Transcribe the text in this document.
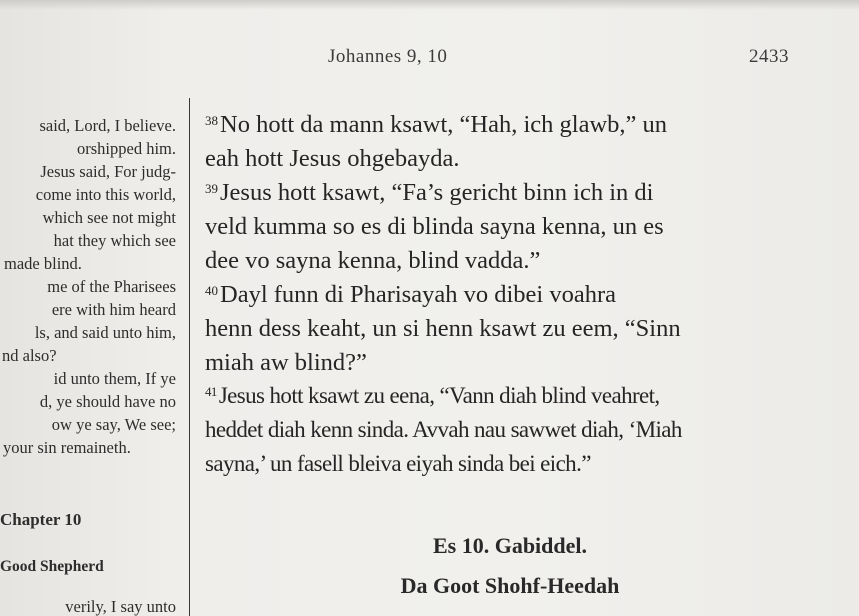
Johannes 9, 10	2433
said, Lord, I believe.
orshipped him.
Jesus said, For judg-
come into this world,
which see not might
hat they which see
made blind.
me of the Pharisees
ere with him heard
ls, and said unto him,
nd also?
id unto them, If ye
d, ye should have no
ow ye say, We see;
your sin remaineth.
Chapter 10
Good Shepherd
verily, I say unto
$^{38}$No hott da mann ksawt, “Hah, ich glawb,” un
eah hott Jesus ohgebayda.
$^{39}$Jesus hott ksawt, “Fa’s gericht binn ich in di
veld kumma so es di blinda sayna kenna, un es
dee vo sayna kenna, blind vadda.”
$^{40}$Dayl funn di Pharisayah vo dibei voahra
henn dess keaht, un si henn ksawt zu eem, “Sinn
miah aw blind?”
$^{41}$Jesus hott ksawt zu eena, “Vann diah blind veahret,
heddet diah kenn sinda. Avvah nau sawwet diah, ‘Miah
sayna,’ un fasell bleiva eiyah sinda bei eich.”
Es 10. Gabiddel.
Da Goot Shohf-Heedah
